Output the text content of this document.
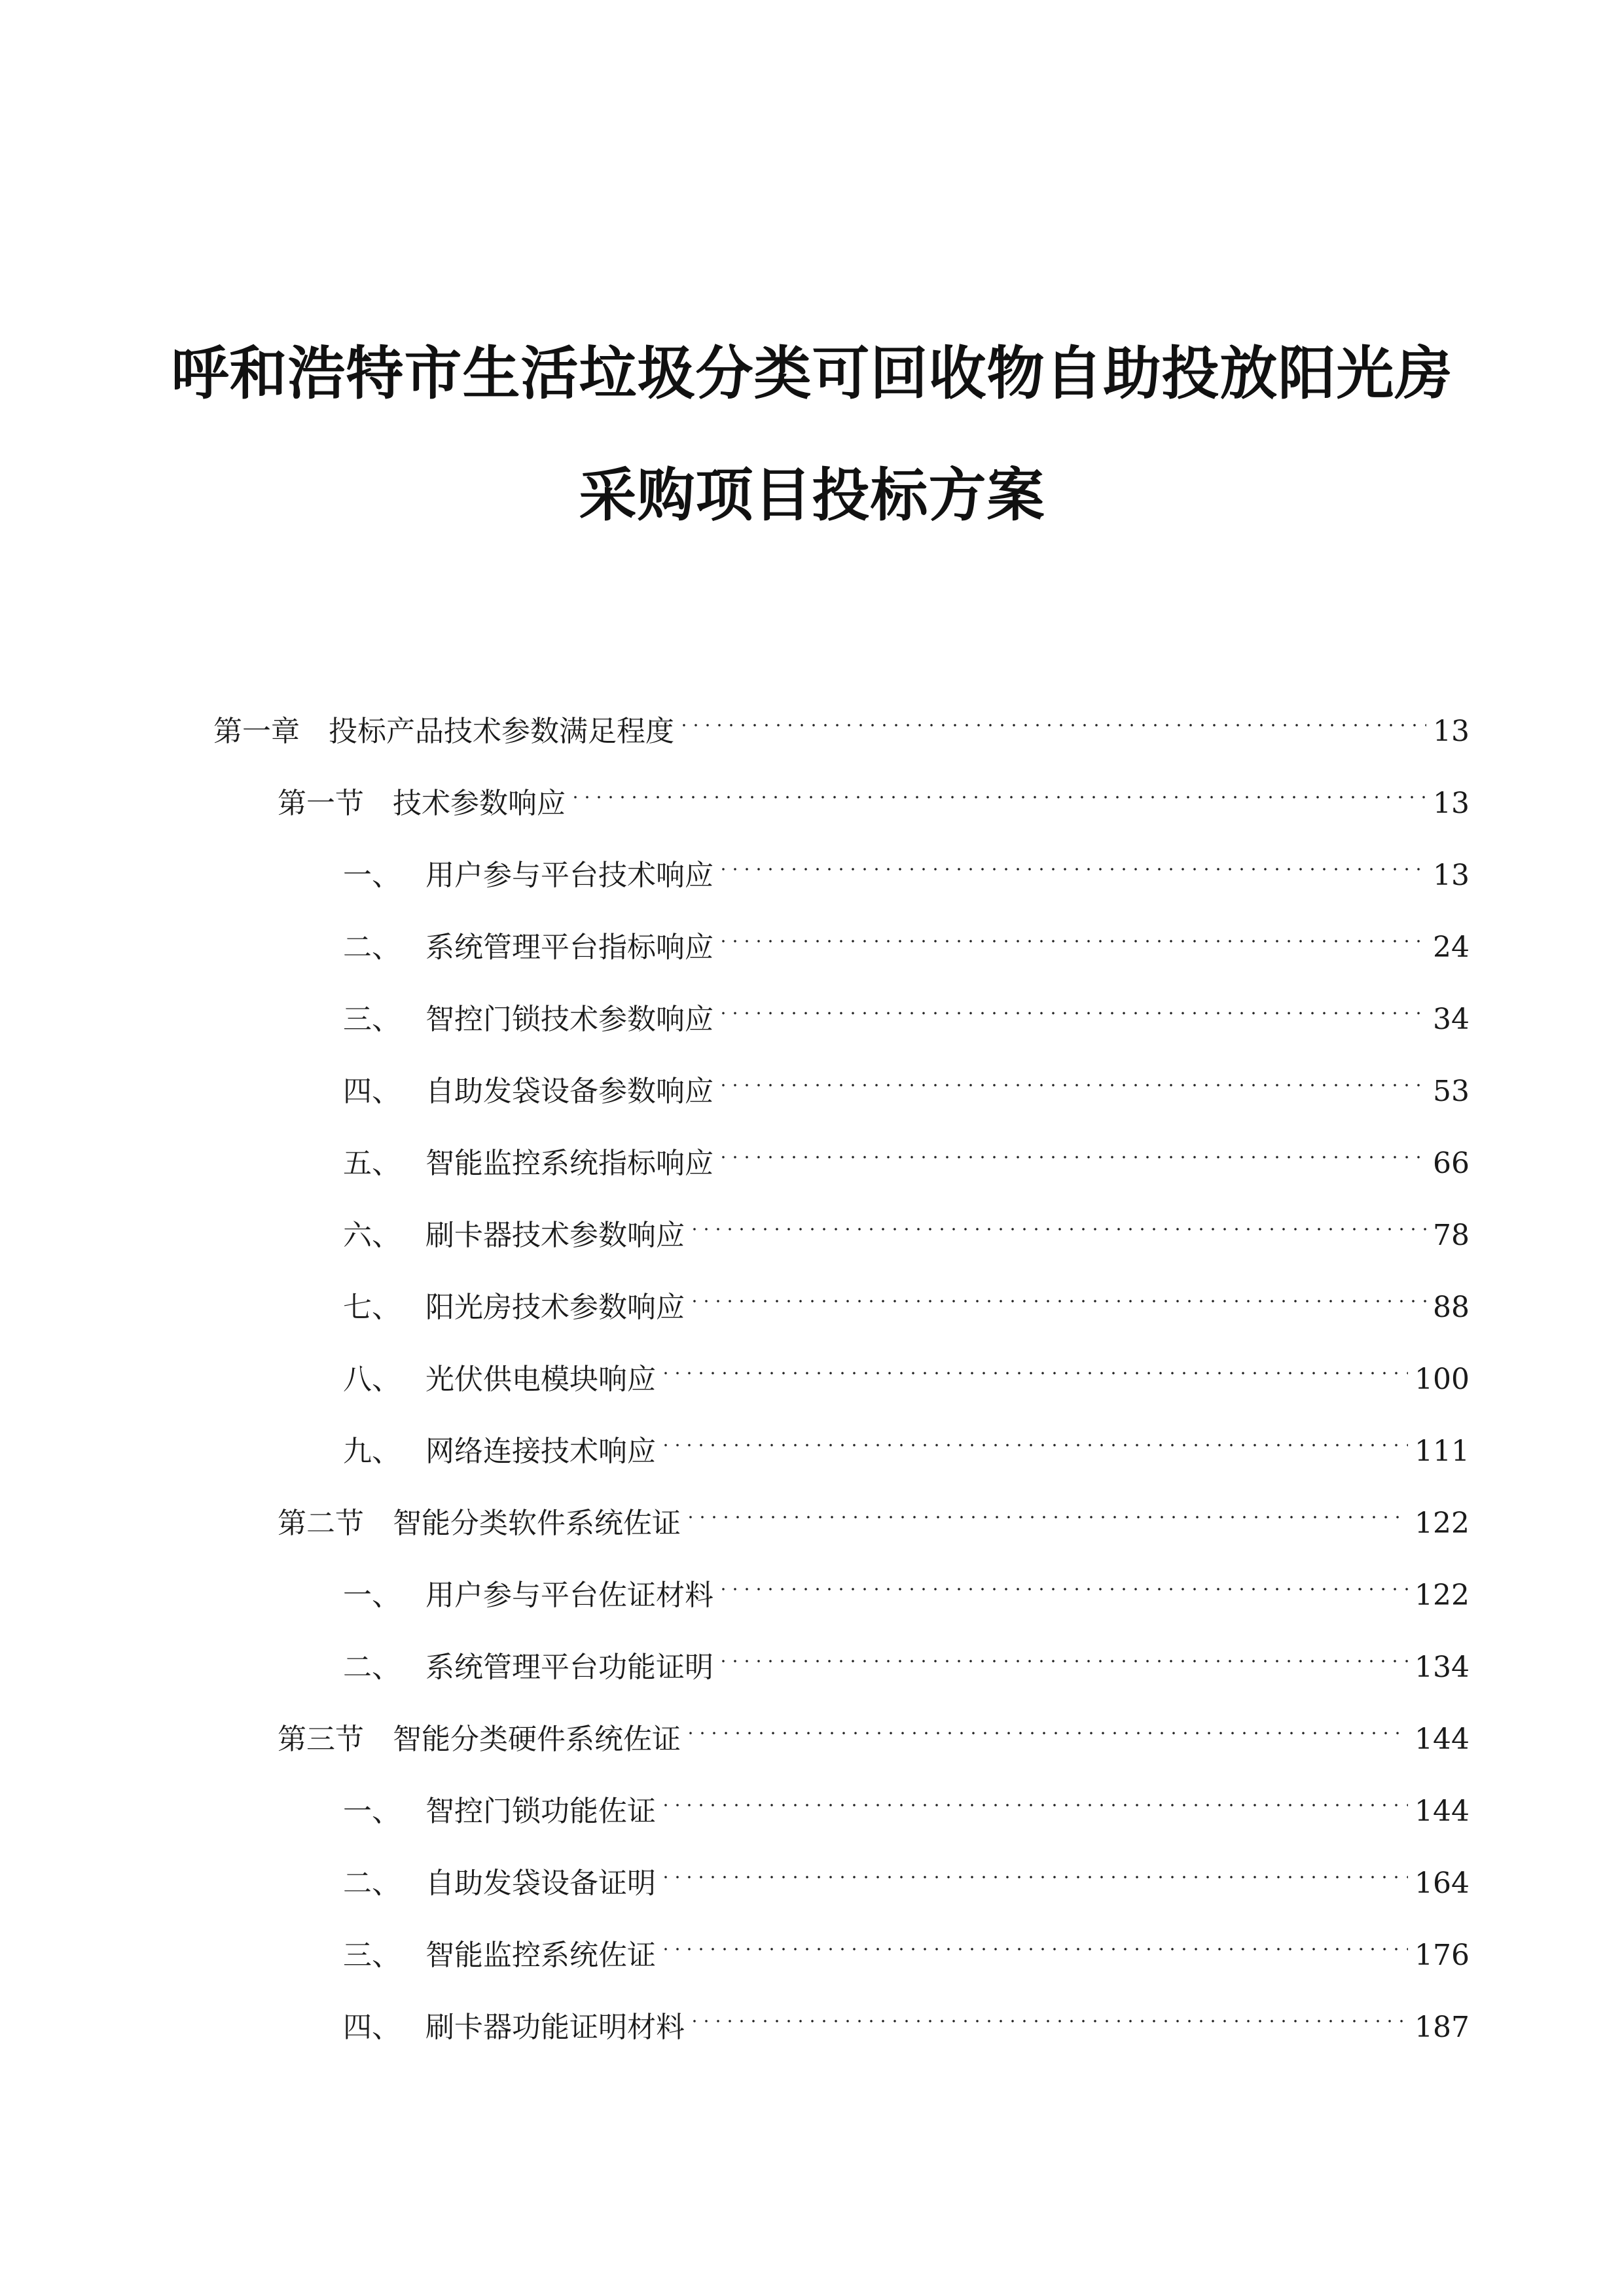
呼和浩特市生活垃圾分类可回收物自助投放阳光房
采购项目投标方案
第一章	投标产品技术参数满足程度	13
第一节	技术参数响应	13
一、 用户参与平台技术响应	13
二、 系统管理平台指标响应	24
三、 智控门锁技术参数响应	34
四、 自助发袋设备参数响应	53
五、 智能监控系统指标响应	66
六、 刷卡器技术参数响应	78
七、 阳光房技术参数响应	88
八、 光伏供电模块响应	100
九、 网络连接技术响应	111
第二节	智能分类软件系统佐证	122
一、 用户参与平台佐证材料	122
二、 系统管理平台功能证明	134
第三节	智能分类硬件系统佐证	144
一、 智控门锁功能佐证	144
二、 自助发袋设备证明	164
三、 智能监控系统佐证	176
四、 刷卡器功能证明材料	187
